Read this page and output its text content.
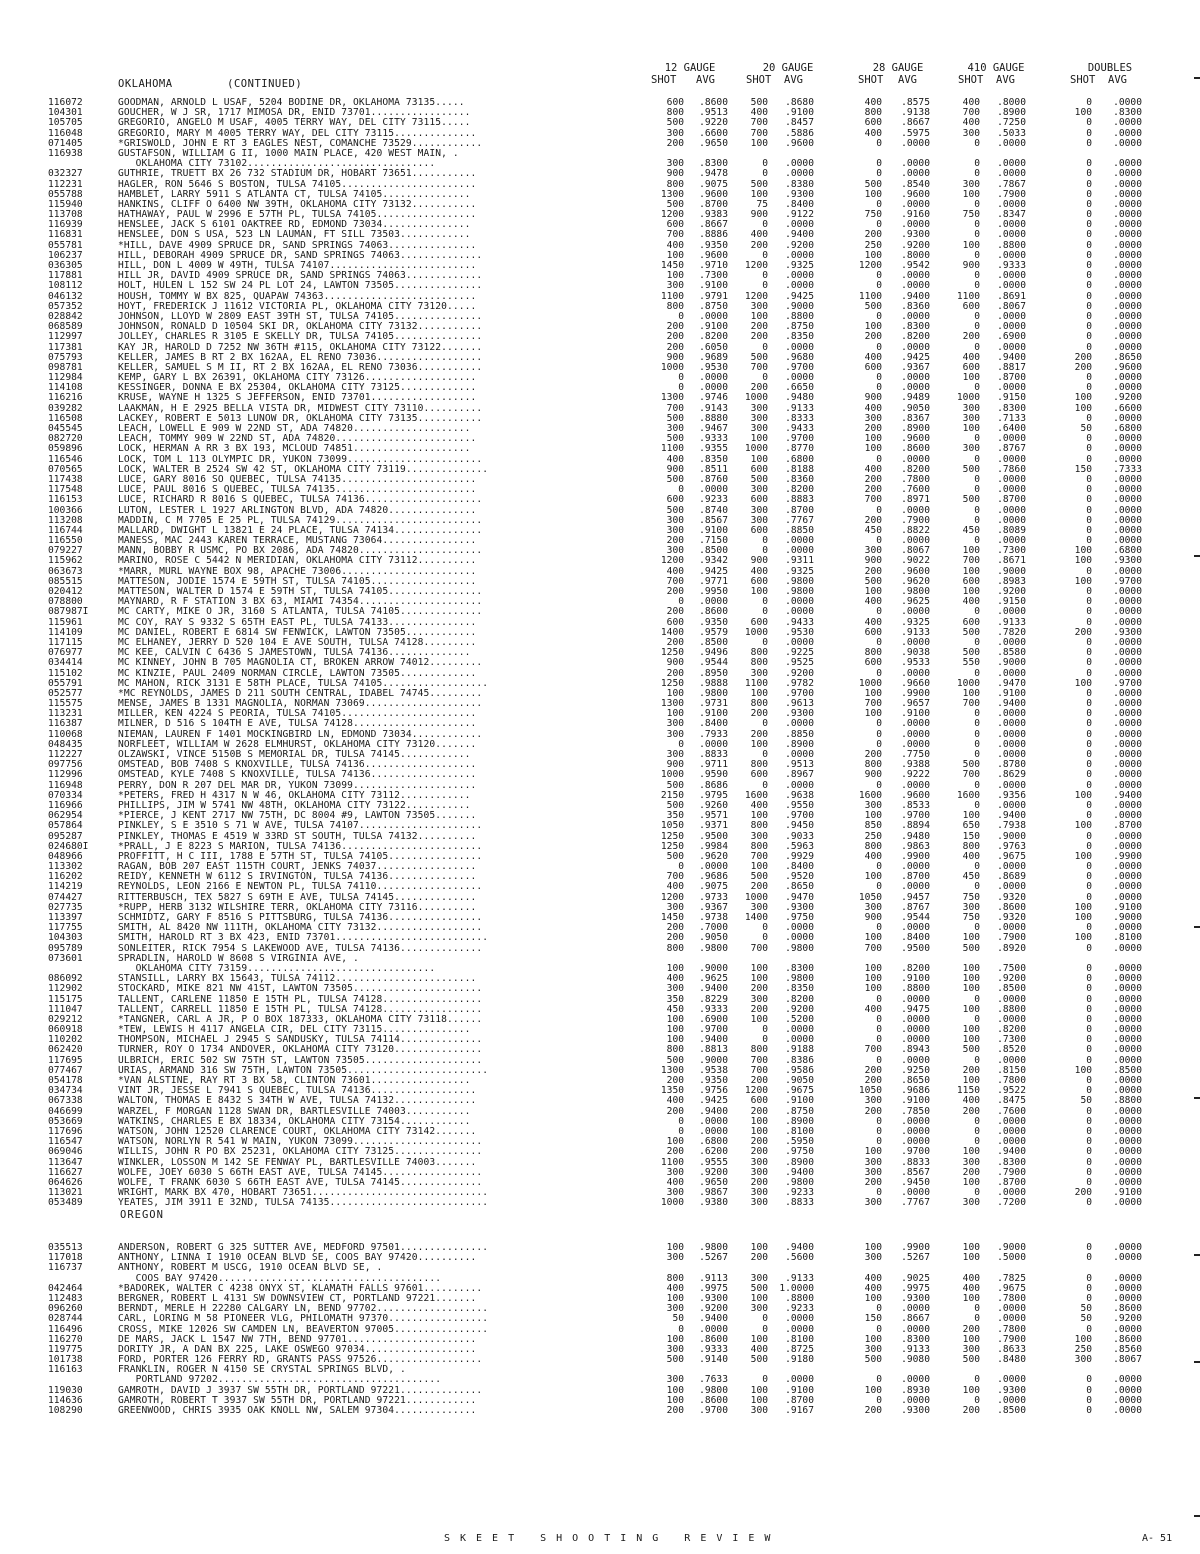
OKLAHOMA	(CONTINUED)
12 GAUGE	20 GAUGE	28 GAUGE	410 GAUGE	DOUBLES
SHOT AVG	SHOT AVG	SHOT AVG	SHOT AVG	SHOT AVG
116072	GOODMAN, ARNOLD L USAF, 5204 BODINE DR, OKLAHOMA 73135.....	600	.8600	500	.8680	400	.8575	400	.8000	0	.0000
104301	GOUCHER, W J SR, 1717 MIMOSA DR, ENID 73701.................	800	.9513	400	.9100	800	.9138	700	.8900	100	.8300
105705	GREGORIO, ANGELO M USAF, 4005 TERRY WAY, DEL CITY 73115.....	500	.9220	700	.8457	600	.8667	400	.7250	0	.0000
116048	GREGORIO, MARY M 4005 TERRY WAY, DEL CITY 73115..............	300	.6600	700	.5886	400	.5975	300	.5033	0	.0000
071405	*GRISWOLD, JOHN E RT 3 EAGLES NEST, COMANCHE 73529............	200	.9650	100	.9600	0	.0000	0	.0000	0	.0000
116938	GUSTAFSON, WILLIAM G II, 1000 MAIN PLACE, 420 WEST MAIN, .
OKLAHOMA CITY 73102................................	300	.8300	0	.0000	0	.0000	0	.0000	0	.0000
032327	GUTHRIE, TRUETT BX 26 732 STADIUM DR, HOBART 73651...........	900	.9478	0	.0000	0	.0000	0	.0000	0	.0000
112231	HAGLER, RON 5646 S BOSTON, TULSA 74105.......................	800	.9075	500	.8380	500	.8540	300	.7867	0	.0000
055788	HAMBLET, LARRY 5911 S ATLANTA CT, TULSA 74105...............	1300	.9600	100	.9300	100	.9600	100	.7900	0	.0000
115940	HANKINS, CLIFF O 6400 NW 39TH, OKLAHOMA CITY 73132...........	500	.8700	75	.8400	0	.0000	0	.0000	0	.0000
113708	HATHAWAY, PAUL W 2996 E 57TH PL, TULSA 74105.................	1200	.9383	900	.9122	750	.9160	750	.8347	0	.0000
116939	HENSLEE, JACK S 6101 OAKTREE RD, EDMOND 73034...............	600	.8667	0	.0000	0	.0000	0	.0000	0	.0000
116831	HENSLEE, DON S USA, 523 LN LAUMAN, FT SILL 73503............	700	.8886	400	.9400	200	.9300	0	.0000	0	.0000
055781	*HILL, DAVE 4909 SPRUCE DR, SAND SPRINGS 74063...............	400	.9350	200	.9200	250	.9200	100	.8800	0	.0000
106237	HILL, DEBORAH 4909 SPRUCE DR, SAND SPRINGS 74063..............	100	.9600	0	.0000	100	.8000	0	.0000	0	.0000
036305	HILL, DON L 4009 W 49TH, TULSA 74107.........................	1450	.9710	1200	.9325	1200	.9542	900	.9333	0	.0000
117881	HILL JR, DAVID 4909 SPRUCE DR, SAND SPRINGS 74063.............	100	.7300	0	.0000	0	.0000	0	.0000	0	.0000
108112	HOLT, HULEN L 152 SW 24 PL LOT 24, LAWTON 73505...............	300	.9100	0	.0000	0	.0000	0	.0000	0	.0000
046132	HOUSH, TOMMY W BX 825, QUAPAW 74363..........................	1100	.9791	1200	.9425	1100	.9400	1100	.8691	0	.0000
057352	HOYT, FREDERICK J 11612 VICTORIA PL, OKLAHOMA CITY 73120.....	800	.8750	300	.9000	500	.8360	600	.8067	0	.0000
028842	JOHNSON, LLOYD W 2809 EAST 39TH ST, TULSA 74105...............	0	.0000	100	.8800	0	.0000	0	.0000	0	.0000
068589	JOHNSON, RONALD D 10504 SKI DR, OKLAHOMA CITY 73132...........	200	.9100	200	.8750	100	.8300	0	.0000	0	.0000
112997	JOLLEY, CHARLES R 3105 E SKELLY DR, TULSA 74105...............	200	.8200	200	.8350	200	.8200	200	.6900	0	.0000
117381	KAY JR, HAROLD D 7252 NW 36TH #115, OKLAHOMA CITY 73122.......	200	.6050	0	.0000	0	.0000	0	.0000	0	.0000
075793	KELLER, JAMES B RT 2 BX 162AA, EL RENO 73036..................	900	.9689	500	.9680	400	.9425	400	.9400	200	.8650
098781	KELLER, SAMUEL S M II, RT 2 BX 162AA, EL RENO 73036...........	1000	.9530	700	.9700	600	.9367	600	.8817	200	.9600
112984	KEMP, GARY L BX 26391, OKLAHOMA CITY 73126...................	0	.0000	0	.0000	0	.0000	100	.8700	0	.0000
114108	KESSINGER, DONNA E BX 25304, OKLAHOMA CITY 73125.............	0	.0000	200	.6650	0	.0000	0	.0000	0	.0000
116216	KRUSE, WAYNE H 1325 S JEFFERSON, ENID 73701..................	1300	.9746	1000	.9480	900	.9489	1000	.9150	100	.9200
039282	LAAKMAN, H E 2925 BELLA VISTA DR, MIDWEST CITY 73110..........	700	.9143	300	.9133	400	.9050	300	.8300	100	.6600
116508	LACKEY, ROBERT E 5013 LUNOW DR, OKLAHOMA CITY 73135...........	500	.8880	300	.8333	300	.8367	300	.7133	0	.0000
045545	LEACH, LOWELL E 909 W 22ND ST, ADA 74820....................	300	.9467	300	.9433	200	.8900	100	.6400	50	.6800
082720	LEACH, TOMMY 909 W 22ND ST, ADA 74820........................	500	.9333	100	.9700	100	.9600	0	.0000	0	.0000
059896	LOCK, HERMAN A RR 3 BX 193, MCLOUD 74851....................	1100	.9355	1000	.8770	100	.8600	300	.8767	0	.0000
116546	LOCK, TOM L 113 OLYMPIC DR, YUKON 73099.......................	400	.8350	100	.6800	0	.0000	0	.0000	0	.0000
070565	LOCK, WALTER B 2524 SW 42 ST, OKLAHOMA CITY 73119..............	900	.8511	600	.8188	400	.8200	500	.7860	150	.7333
117438	LUCE, GARY 8016 SO QUEBEC, TULSA 74135.......................	500	.8760	500	.8360	200	.7800	0	.0000	0	.0000
117548	LUCE, PAUL 8016 S QUEBEC, TULSA 74135........................	0	.0000	300	.8200	200	.7600	0	.0000	0	.0000
116153	LUCE, RICHARD R 8016 S QUEBEC, TULSA 74136....................	600	.9233	600	.8883	700	.8971	500	.8700	0	.0000
100366	LUTON, LESTER L 1927 ARLINGTON BLVD, ADA 74820...............	500	.8740	300	.8700	0	.0000	0	.0000	0	.0000
113208	MADDIN, C M 7705 E 25 PL, TULSA 74129.........................	300	.8567	300	.7767	200	.7900	0	.0000	0	.0000
116744	MALLARD, DWIGHT L 13821 E 24 PLACE, TULSA 74134...............	300	.9100	600	.8850	450	.8822	450	.8089	0	.0000
116550	MANESS, MAC 2443 KAREN TERRACE, MUSTANG 73064................	200	.7150	0	.0000	0	.0000	0	.0000	0	.0000
079227	MANN, BOBBY R USMC, PO BX 2086, ADA 74820.....................	300	.8500	0	.0000	300	.8067	100	.7300	100	.6800
115962	MARINO, ROSE C 5442 N MERIDIAN, OKLAHOMA CITY 73112..........	1200	.9342	900	.9311	900	.9022	700	.8671	100	.9300
063673	*MARR, MURL WAYNE BOX 98, APACHE 73006.......................	400	.9425	400	.9325	200	.9600	100	.9000	0	.0000
085515	MATTESON, JODIE 1574 E 59TH ST, TULSA 74105..................	700	.9771	600	.9800	500	.9620	600	.8983	100	.9700
020412	MATTESON, WALTER D 1574 E 59TH ST, TULSA 74105................	200	.9950	100	.9800	100	.9800	100	.9200	0	.0000
078800	MAYNARD, R F STATION 3 BX 63, MIAMI 74354.....................	0	.0000	0	.0000	400	.9625	400	.9150	0	.0000
087987I	MC CARTY, MIKE O JR, 3160 S ATLANTA, TULSA 74105..............	200	.8600	0	.0000	0	.0000	0	.0000	0	.0000
115961	MC COY, RAY S 9332 S 65TH EAST PL, TULSA 74133...............	600	.9350	600	.9433	400	.9325	600	.9133	0	.0000
114109	MC DANIEL, ROBERT E 6814 SW FENWICK, LAWTON 73505............	1400	.9579	1000	.9530	600	.9133	500	.7820	200	.9300
117115	MC ELHANEY, JERRY D 520 104 E AVE SOUTH, TULSA 74128.........	200	.8500	0	.0000	0	.0000	0	.0000	0	.0000
076977	MC KEE, CALVIN C 6436 S JAMESTOWN, TULSA 74136..............	1250	.9496	800	.9225	800	.9038	500	.8580	0	.0000
034414	MC KINNEY, JOHN B 705 MAGNOLIA CT, BROKEN ARROW 74012.........	900	.9544	800	.9525	600	.9533	550	.9000	0	.0000
115102	MC KINZIE, PAUL 2409 NORMAN CIRCLE, LAWTON 73505.............	200	.8950	300	.9200	0	.0000	0	.0000	0	.0000
055791	MC MAHON, RICK 3131 E 58TH PLACE, TULSA 74105..................	1250	.9888	1100	.9782	1000	.9660	1000	.9470	100	.9700
052577	*MC REYNOLDS, JAMES D 211 SOUTH CENTRAL, IDABEL 74745.........	100	.9800	100	.9700	100	.9900	100	.9100	0	.0000
115575	MENSE, JAMES B 1331 MAGNOLIA, NORMAN 73069....................	1300	.9731	800	.9613	700	.9657	700	.9400	0	.0000
113231	MILLER, KEN 4224 S PEORIA, TULSA 74105.......................	100	.9100	200	.9300	100	.9100	0	.0000	0	.0000
116387	MILNER, D 516 S 104TH E AVE, TULSA 74128.....................	300	.8400	0	.0000	0	.0000	0	.0000	0	.0000
110068	NIEMAN, LAUREN F 1401 MOCKINGBIRD LN, EDMOND 73034............	300	.7933	200	.8850	0	.0000	0	.0000	0	.0000
048435	NORFLEET, WILLIAM W 2628 ELMHURST, OKLAHOMA CITY 73120.......	0	.0000	100	.8900	0	.0000	0	.0000	0	.0000
112227	OLZAWSKI, VINCE 5150B S MEMORIAL DR, TULSA 74145............	300	.8833	0	.0000	200	.7750	0	.0000	0	.0000
097756	OMSTEAD, BOB 7408 S KNOXVILLE, TULSA 74136...................	900	.9711	800	.9513	800	.9388	500	.8780	0	.0000
112996	OMSTEAD, KYLE 7408 S KNOXVILLE, TULSA 74136..................	1000	.9590	600	.8967	900	.9222	700	.8629	0	.0000
116948	PERRY, DON R 207 DEL MAR DR, YUKON 73099.....................	500	.8686	0	.0000	0	.0000	0	.0000	0	.0000
070334	*PETERS, FRED H 4317 N W 46, OKLAHOMA CITY 73112............	2150	.9795	1600	.9638	1600	.9600	1600	.9356	100	.9400
116966	PHILLIPS, JIM W 5741 NW 48TH, OKLAHOMA CITY 73122...........	500	.9260	400	.9550	300	.8533	0	.0000	0	.0000
062954	*PIERCE, J KENT 2717 NW 75TH, DC 8004 #9, LAWTON 73505.......	350	.9571	100	.9700	100	.9700	100	.9400	0	.0000
057864	PINKLEY, S E 3510 S 71 W AVE, TULSA 74107.....................	1050	.9371	800	.9450	850	.8894	650	.7938	100	.8700
095287	PINKLEY, THOMAS E 4519 W 33RD ST SOUTH, TULSA 74132..........	1250	.9500	300	.9033	250	.9480	150	.9000	0	.0000
024680I	*PRALL, J E 8223 S MARION, TULSA 74136........................	1250	.9984	800	.5963	800	.9863	800	.9763	0	.0000
048966	PROFFITT, H C III, 1788 E 57TH ST, TULSA 74105................	500	.9620	700	.9929	400	.9900	400	.9675	100	.9900
113302	RAGAN, BOB 207 EAST 115TH COURT, JENKS 74037.................	0	.0000	100	.8400	0	.0000	0	.0000	0	.0000
116202	REIDY, KENNETH W 6112 S IRVINGTON, TULSA 74136...............	700	.9686	500	.9520	100	.8700	450	.8689	0	.0000
114219	REYNOLDS, LEON 2166 E NEWTON PL, TULSA 74110..................	400	.9075	200	.8650	0	.0000	0	.0000	0	.0000
074427	RITTERBUSCH, TEX 5827 S 69TH E AVE, TULSA 74145..............	1200	.9733	1000	.9470	1050	.9457	750	.9320	0	.0000
027735	*RUPP, HERB 3132 WILSHIRE TERR, OKLAHOMA CITY 73116..........	300	.9367	300	.9300	300	.8767	300	.8600	100	.9100
113397	SCHMIDTZ, GARY F 8516 S PITTSBURG, TULSA 74136................	1450	.9738	1400	.9750	900	.9544	750	.9320	100	.9000
117755	SMITH, AL 8420 NW 111TH, OKLAHOMA CITY 73132..................	200	.7000	0	.0000	0	.0000	0	.0000	0	.0000
104303	SMITH, HAROLD RT 3 BX 423, ENID 73701..........................	200	.9050	0	.0000	100	.8400	100	.7900	100	.8100
095789	SONLEITER, RICK 7954 S LAKEWOOD AVE, TULSA 74136..............	800	.9800	700	.9800	700	.9500	500	.8920	0	.0000
073601	SPRADLIN, HAROLD W 8608 S VIRGINIA AVE, .
OKLAHOMA CITY 73159................................	100	.9000	100	.8300	100	.8200	100	.7500	0	.0000
086092	STANSILL, LARRY BX 15643, TULSA 74112........................	400	.9625	100	.9800	100	.9100	100	.9200	0	.0000
112902	STOCKARD, MIKE 821 NW 41ST, LAWTON 73505......................	300	.9400	200	.8350	100	.8800	100	.8500	0	.0000
115175	TALLENT, CARLENE 11850 E 15TH PL, TULSA 74128.................	350	.8229	300	.8200	0	.0000	0	.0000	0	.0000
111047	TALLENT, CARRELL 11850 E 15TH PL, TULSA 74128.................	450	.9333	200	.9200	400	.9475	100	.8800	0	.0000
029212	*TANGNER, CARL A JR, P O BOX 187333, OKLAHOMA CITY 73118......	100	.6900	100	.5200	0	.0000	0	.0000	0	.0000
060918	*TEW, LEWIS H 4117 ANGELA CIR, DEL CITY 73115...............	100	.9700	0	.0000	0	.0000	100	.8200	0	.0000
110202	THOMPSON, MICHAEL J 2945 S SANDUSKY, TULSA 74114..............	100	.9400	0	.0000	0	.0000	100	.7300	0	.0000
062420	TURNER, ROY O 1734 ANDOVER, OKLAHOMA CITY 73120...............	800	.8813	800	.9188	700	.8943	500	.8520	0	.0000
117695	ULBRICH, ERIC 502 SW 75TH ST, LAWTON 73505....................	500	.9000	700	.8386	0	.0000	0	.0000	0	.0000
077467	URIAS, ARMAND 316 SW 75TH, LAWTON 73505........................	1300	.9538	700	.9586	200	.9250	200	.8150	100	.8500
054178	*VAN ALSTINE, RAY RT 3 BX 58, CLINTON 73601.................	200	.9350	200	.9050	200	.8650	100	.7800	0	.0000
034734	VINT JR, JESSE L 7941 S QUEBEC, TULSA 74136..................	1350	.9756	1200	.9675	1050	.9686	1150	.9522	0	.0000
067338	WALTON, THOMAS E 8432 S 34TH W AVE, TULSA 74132..............	400	.9425	600	.9100	300	.9100	400	.8475	50	.8800
046699	WARZEL, F MORGAN 1128 SWAN DR, BARTLESVILLE 74003...........	200	.9400	200	.8750	200	.7850	200	.7600	0	.0000
053669	WATKINS, CHARLES E BX 18334, OKLAHOMA CITY 73154............	0	.0000	100	.8900	0	.0000	0	.0000	0	.0000
117696	WATSON, JOHN 12520 CLARENCE COURT, OKLAHOMA CITY 73142.......	0	.0000	100	.8100	0	.0000	0	.0000	0	.0000
116547	WATSON, NORLYN R 541 W MAIN, YUKON 73099......................	100	.6800	200	.5950	0	.0000	0	.0000	0	.0000
069046	WILLIS, JOHN R PO BX 25231, OKLAHOMA CITY 73125...............	200	.6200	200	.9750	100	.9700	100	.9400	0	.0000
113647	WINKLER, LOSSON M 142 SE FENWAY PL, BARTLESVILLE 74003.......	1100	.9555	300	.8900	300	.8833	300	.8300	0	.0000
116627	WOLFE, JOEY 6030 S 66TH EAST AVE, TULSA 74145.................	300	.9200	300	.9400	300	.8567	200	.7900	0	.0000
064626	WOLFE, T FRANK 6030 S 66TH EAST AVE, TULSA 74145..............	400	.9650	200	.9800	200	.9450	100	.8700	0	.0000
113021	WRIGHT, MARK BX 470, HOBART 73651..............................	300	.9867	300	.9233	0	.0000	0	.0000	200	.9100
053489	YEATES, JIM 3911 E 32ND, TULSA 74135...........................	1000	.9380	300	.8833	300	.7767	300	.7200	0	.0000
OREGON
035513	ANDERSON, ROBERT G 325 SUTTER AVE, MEDFORD 97501...............	100	.9800	100	.9400	100	.9900	100	.9000	0	.0000
117018	ANTHONY, LINNA I 1910 OCEAN BLVD SE, COOS BAY 97420..........	300	.5267	200	.5600	300	.5267	100	.5000	0	.0000
116737	ANTHONY, ROBERT M USCG, 1910 OCEAN BLVD SE, .
COOS BAY 97420......................................	800	.9113	300	.9133	400	.9025	400	.7825	0	.0000
042464	*BADOREK, WALTER C 4238 ONYX ST, KLAMATH FALLS 97601..........	400	.9975	500	1.0000	400	.9975	400	.9675	0	.0000
112483	BERGNER, ROBERT L 4131 SW DOWNSVIEW CT, PORTLAND 97221.......	100	.9300	100	.8800	100	.9300	100	.7800	0	.0000
096260	BERNDT, MERLE H 22280 CALGARY LN, BEND 97702...................	300	.9200	300	.9233	0	.0000	0	.0000	50	.8600
028744	CARL, LORING M 58 PIONEER VLG, PHILOMATH 97370.................	50	.9400	0	.0000	150	.8667	0	.0000	50	.9200
116496	CROSS, MIKE 12026 SW CAMDEN LN, BEAVERTON 97005................	0	.0000	0	.0000	0	.0000	200	.7800	0	.0000
116270	DE MARS, JACK L 1547 NW 7TH, BEND 97701......................	100	.8600	100	.8100	100	.8300	100	.7900	100	.8600
119775	DORITY JR, A DAN BX 225, LAKE OSWEGO 97034...................	300	.9333	400	.8725	300	.9133	300	.8633	250	.8560
101738	FORD, PORTER 126 FERRY RD, GRANTS PASS 97526..................	500	.9140	500	.9180	500	.9080	500	.8480	300	.8067
116163	FRANKLIN, ROGER N 4150 SE CRYSTAL SPRINGS BLVD, .
PORTLAND 97202......................................	300	.7633	0	.0000	0	.0000	0	.0000	0	.0000
119030	GAMROTH, DAVID J 3937 SW 55TH DR, PORTLAND 97221..............	100	.9800	100	.9100	100	.8930	100	.9300	0	.0000
114636	GAMROTH, ROBERT T 3937 SW 55TH DR, PORTLAND 97221............	100	.8600	100	.8700	0	.0000	0	.0000	0	.0000
108290	GREENWOOD, CHRIS 3935 OAK KNOLL NW, SALEM 97304..............	200	.9700	300	.9167	200	.9300	200	.8500	0	.0000
SKEET SHOOTING REVIEW	A- 51
